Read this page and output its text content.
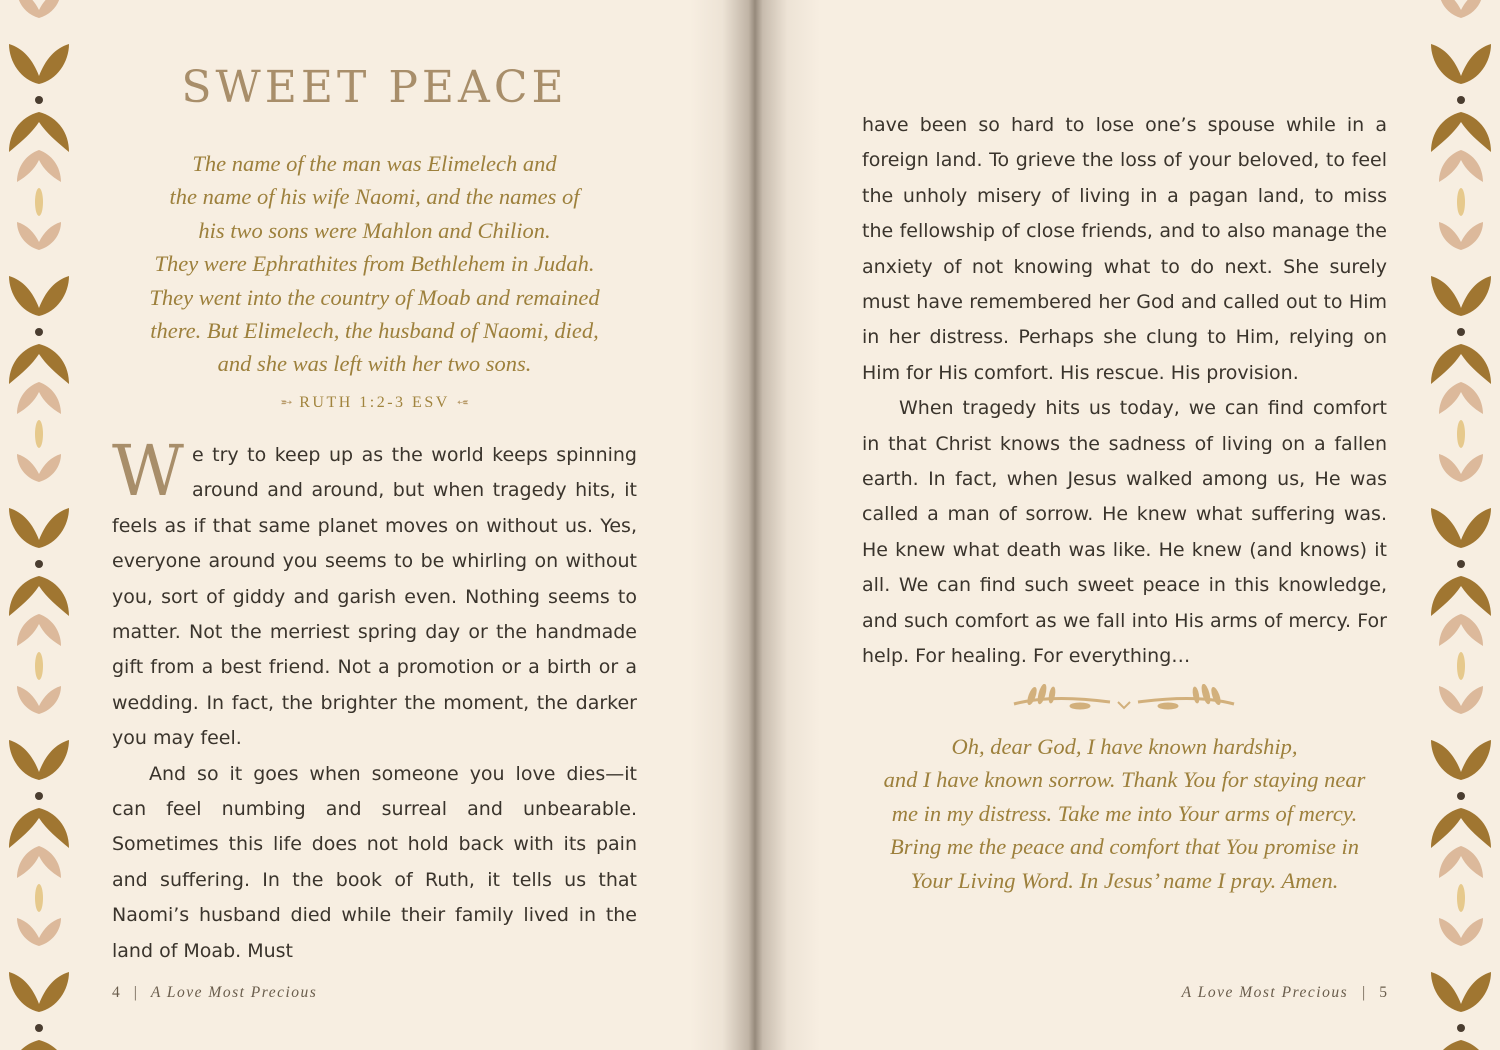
SWEET PEACE
The name of the man was Elimelech and
the name of his wife Naomi, and the names of
his two sons were Mahlon and Chilion.
They were Ephrathites from Bethlehem in Judah.
They went into the country of Moab and remained
there. But Elimelech, the husband of Naomi, died,
and she was left with her two sons.
➵ RUTH 1:2-3 ESV ➵

We try to keep up as the world keeps spinning around and around, but when tragedy hits, it feels as if that same planet moves on without us. Yes, everyone around you seems to be whirling on without you, sort of giddy and garish even. Nothing seems to matter. Not the merriest spring day or the handmade gift from a best friend. Not a promotion or a birth or a wedding. In fact, the brighter the moment, the darker you may feel.

And so it goes when someone you love dies—it can feel numbing and surreal and unbearable. Sometimes this life does not hold back with its pain and suffering. In the book of Ruth, it tells us that Naomi’s husband died while their family lived in the land of Moab. Must

4 | A Love Most Precious

have been so hard to lose one’s spouse while in a foreign land. To grieve the loss of your beloved, to feel the unholy misery of living in a pagan land, to miss the fellowship of close friends, and to also manage the anxiety of not knowing what to do next. She surely must have remembered her God and called out to Him in her distress. Perhaps she clung to Him, relying on Him for His comfort. His rescue. His provision.

When tragedy hits us today, we can find comfort in that Christ knows the sadness of living on a fallen earth. In fact, when Jesus walked among us, He was called a man of sorrow. He knew what suffering was. He knew what death was like. He knew (and knows) it all. We can find such sweet peace in this knowledge, and such comfort as we fall into His arms of mercy. For help. For healing. For everything…

Oh, dear God, I have known hardship,
and I have known sorrow. Thank You for staying near
me in my distress. Take me into Your arms of mercy.
Bring me the peace and comfort that You promise in
Your Living Word. In Jesus’ name I pray. Amen.
A Love Most Precious | 5
